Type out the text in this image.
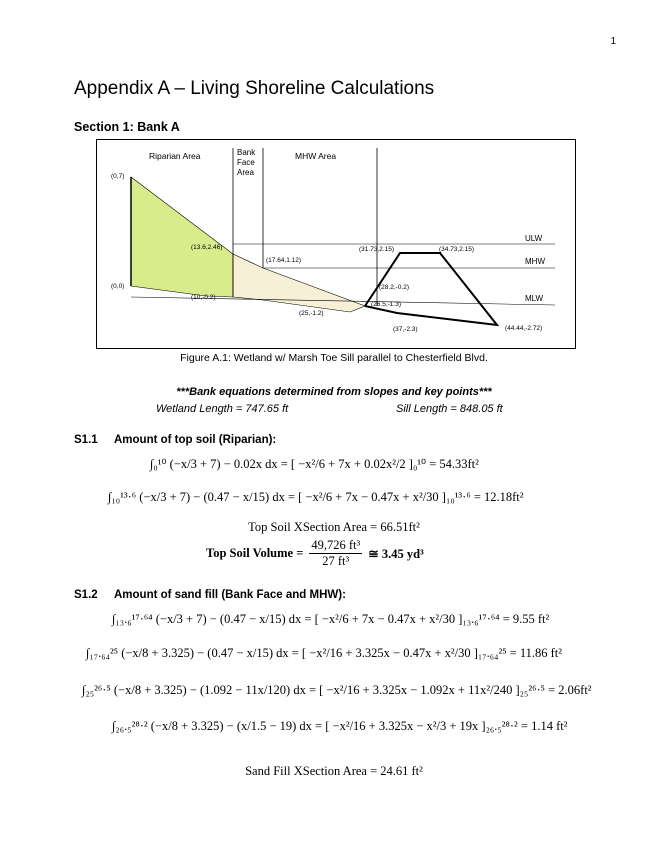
1
Appendix A – Living Shoreline Calculations
Section 1: Bank A
Riparian Area	Bank
Face
Area
MHW Area
ULW
MHW
MLW
(0,7)
(0,0)
(13.6,2.46)
(10,-0.2)
(17.64,1.12)
(25,-1.2)
(31.73,2.15)	(34.73,2.15)
(28.2,-0.2)
(26.5,-1.3)
(37,-2.3)	(44.44,-2.72)
Figure A.1: Wetland w/ Marsh Toe Sill parallel to Chesterfield Blvd.
***Bank equations determined from slopes and key points***
Wetland Length = 747.65 ft	Sill Length = 848.05 ft
S1.1 Amount of top soil (Riparian):
∫₀¹⁰ (−x/3 + 7) − 0.02x dx = [ −x²/6 + 7x + 0.02x²/2 ]₀¹⁰ = 54.33ft²
∫₁₀¹³·⁶ (−x/3 + 7) − (0.47 − x/15) dx = [ −x²/6 + 7x − 0.47x + x²/30 ]₁₀¹³·⁶ = 12.18ft²
Top Soil XSection Area = 66.51ft²
Top Soil Volume = $\frac{\text{49,726 ft³}}{\text{27 ft³}}$ ≅ 3.45 yd³
S1.2 Amount of sand fill (Bank Face and MHW):
∫₁₃.₆¹⁷·⁶⁴ (−x/3 + 7) − (0.47 − x/15) dx = [ −x²/6 + 7x − 0.47x + x²/30 ]₁₃.₆¹⁷·⁶⁴ = 9.55 ft²
∫₁₇.₆₄²⁵ (−x/8 + 3.325) − (0.47 − x/15) dx = [ −x²/16 + 3.325x − 0.47x + x²/30 ]₁₇.₆₄²⁵ = 11.86 ft²
∫₂₅²⁶·⁵ (−x/8 + 3.325) − (1.092 − 11x/120) dx = [ −x²/16 + 3.325x − 1.092x + 11x²/240 ]₂₅²⁶·⁵ = 2.06ft²
∫₂₆.₅²⁸·² (−x/8 + 3.325) − (x/1.5 − 19) dx = [ −x²/16 + 3.325x − x²/3 + 19x ]₂₆.₅²⁸·² = 1.14 ft²
Sand Fill XSection Area = 24.61 ft²
